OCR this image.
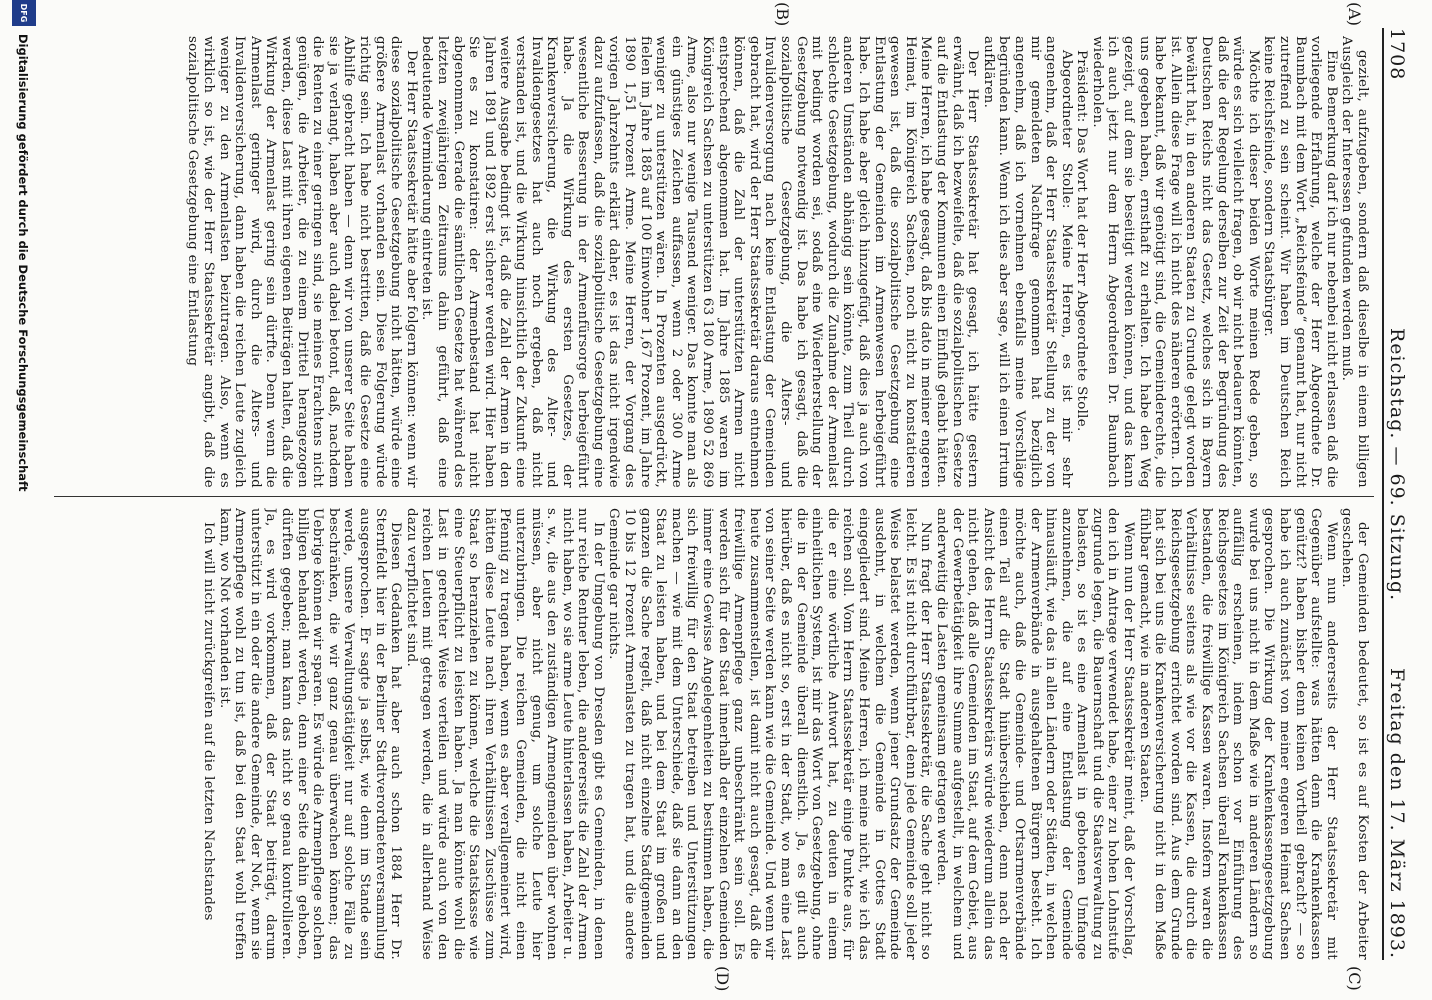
1708
Reichstag. — 69. Sitzung.
Freitag den 17. März 1893.
(A)
(B)
(C)
(D)

gezielt, aufzugeben, sondern daß dieselbe in einem billigen Ausgleich der Interessen gefunden werden muß.

Eine Bemerkung darf ich nur nebenbei nicht erlassen daß die vorliegende Erfahrung, welche der Herr Abgeordnete Dr. Baumbach mit dem Wort „Reichsfeinde“ genannt hat, nur nicht zutreffend zu sein scheint. Wir haben im Deutschen Reich keine Reichsfeinde, sondern Staatsbürger.

Möchte ich dieser beiden Worte meinen Rede geben, so würde es sich vielleicht fragen, ob wir nicht bedauern könnten, daß die der Regelung derselben zur Zeit der Begründung des Deutschen Reichs nicht das Gesetz, welches sich in Bayern bewährt hat, in den anderen Staaten zu Grunde gelegt worden ist. Allein diese Frage will ich nicht des näheren erörtern. Ich habe bekannt, daß wir genötigt sind, die Gemeinderechte, die uns gegeben haben, ernsthaft zu erhalten. Ich habe den Weg gezeigt, auf dem sie beseitigt werden können, und das kann ich auch jetzt nur dem Herrn Abgeordneten Dr. Baumbach wiederholen.

Präsident: Das Wort hat der Herr Abgeordnete Stolle.

Abgeordneter Stolle: Meine Herren, es ist mir sehr angenehm, daß der Herr Staatssekretär Stellung zu der von mir gemeldeten Nachfrage genommen hat bezüglich angenehm, daß ich vornehmen ebenfalls meine Vorschläge begründen kann. Wenn ich dies aber sage, will ich einen Irrtum aufklären.

Der Herr Staatssekretär hat gesagt, ich hätte gestern erwähnt, daß ich bezweifelte, daß die sozialpolitischen Gesetze auf die Entlastung der Kommunen einen Einfluß gehabt hätten. Meine Herren, ich habe gesagt, daß bis dato in meiner engeren Heimat, im Königreich Sachsen, noch nicht zu konstatieren gewesen ist, daß die sozialpolitische Gesetzgebung eine Entlastung der Gemeinden im Armenwesen herbeigeführt habe. Ich habe aber gleich hinzugefügt, daß dies ja auch von anderen Umständen abhängig sein könnte, zum Theil durch schlechte Gesetzgebung, wodurch die Zunahme der Armenlast mit bedingt worden sei, sodaß eine Wiederherstellung der Gesetzgebung notwendig ist. Das habe ich gesagt, daß die sozialpolitische Gesetzgebung, die Alters- und Invalidenversorgung nach keine Entlastung der Gemeinden gebracht hat, wird der Herr Staatssekretär daraus entnehmen können, daß die Zahl der unterstützten Armen nicht entsprechend abgenommen hat. Im Jahre 1885 waren im Königreich Sachsen zu unterstützen 63 180 Arme, 1890 52 869 Arme, also nur wenige Tausend weniger. Das konnte man als ein günstiges Zeichen auffassen, wenn 2 oder 300 Arme weniger zu unterstützen wären. In Prozenten ausgedrückt, fielen im Jahre 1885 auf 100 Einwohner 1,67 Prozent, im Jahre 1890 1,51 Prozent Arme. Meine Herren, der Vorgang des vorigen Jahrzehnts erklärt daher, es ist das nicht irgendwie dazu aufzufassen, daß die sozialpolitische Gesetzgebung eine wesentliche Besserung in der Armenfürsorge herbeigeführt habe. Ja die Wirkung des ersten Gesetzes, der Krankenversicherung, die Wirkung des Alter- und Invalidengesetzes hat auch noch ergeben, daß nicht verstanden ist, und die Wirkung hinsichtlich der Zukunft eine weitere Ausgabe bedingt ist, daß die Zahl der Armen in den Jahren 1891 und 1892 erst sicherer werden wird. Hier haben Sie es zu konstatiren: der Armenbestand hat nicht abgenommen. Gerade die sämtlichen Gesetze hat während des letzten zweijährigen Zeitraums dahin geführt, daß eine bedeutende Verminderung eintreten ist.

Der Herr Staatssekretär hätte aber folgern können: wenn wir diese sozialpolitische Gesetzgebung nicht hätten, würde eine größere Armenlast vorhanden sein. Diese Folgerung würde richtig sein. Ich habe nicht bestritten, daß die Gesetze eine Abhilfe gebracht haben — denn wir von unserer Seite haben sie ja verlangt, haben aber auch dabei betont, daß, nachdem die Renten zu einer geringen sind, sie meines Erachtens nicht genügen, die Arbeiter, die zu einem Drittel herangezogen werden, diese Last mit ihren eigenen Beiträgen halten, daß die Wirkung der Armenlast gering sein dürfte. Denn wenn die Armenlast geringer wird, durch die Alters- und Invalidenversicherung, dann haben die reichen Leute zugleich weniger zu den Armenlasten beizutragen. Also, wenn es wirklich so ist, wie der Herr Staatssekretär angibt, daß die sozialpolitische Gesetzgebung eine Entlastung

der Gemeinden bedeutet, so ist es auf Kosten der Arbeiter geschehen.

Wenn nun andererseits der Herr Staatssekretär mit Gegenüber aufstellte: was hätten denn die Krankenkassen genützt? haben bisher denn keinen Vortheil gebracht? — so habe ich auch zunächst von meiner engeren Heimat Sachsen gesprochen. Die Wirkung der Krankenkassengesetzgebung wurde bei uns nicht in dem Maße wie in anderen Ländern so auffällig erscheinen, indem schon vor Einführung des Reichsgesetzes im Königreich Sachsen überall Krankenkassen bestanden, die freiwillige Kassen waren. Insofern waren die Verhältnisse seitens als wie vor die Kassen, die durch die Reichsgesetzgebung errichtet worden sind. Aus dem Grunde hat sich bei uns die Krankenversicherung nicht in dem Maße fühlbar gemacht, wie in anderen Staaten.

Wenn nun der Herr Staatssekretär meint, daß der Vorschlag, den ich in Antrage verwendet habe, einer zu hohen Lohnstufe zugrunde legen, die Bauernschaft und die Staatsverwaltung zu belasten, so ist es eine Armenlast in gebotenen Umfange anzunehmen, die auf eine Entlastung der Gemeinde hinausläuft, wie das in allen Ländern oder Städten, in welchen der Armenverbände in ausgehaltenen Bürgern besteht. Ich möchte auch, daß die Gemeinde- und Ortsarmenverbände einen Teil auf die Stadt hinüberschieben, denn nach der Ansicht des Herrn Staatssekretärs würde wiederum allein das nicht gehen, daß alle Gemeinden im Staat, auf dem Gebiet, aus der Gewerbetätigkeit ihre Summe aufgestellt, in welchem und anderweitig die Lasten gemeinsam getragen werden.

Nun fragt der Herr Staatssekretär, die Sache geht nicht so leicht. Es ist nicht durchführbar, denn jede Gemeinde soll jeder Weise belastet werden, wenn jener Grundsatz der Gemeinde ausdehnt, in welchem die Gemeinde in Gottes Stadt eingegliedert sind. Meine Herren, ich meine nicht, wie ich das reichen soll. Vom Herrn Staatssekretär einige Punkte aus, für die er eine wörtliche Antwort hat, zu deuten in einem einheitlichen System, ist mir das Wort von Gesetzgebung, ohne die in der Gemeinde überall dienstlich. Ja, es gilt auch hierüber, daß es nicht so, erst in der Stadt, wo man eine Last von seiner Seite werden kann wie die Gemeinde. Und wenn wir heute zusammenstellen, ist damit nicht auch gesagt, daß die freiwillige Armenpflege ganz unbeschränkt sein soll. Es werden sich für den Staat innerhalb der einzelnen Gemeinden immer eine Gewisse Angelegenheiten zu bestimmen haben, die sich freiwillig für den Staat betreiben und Unterstützungen machen — wie mit dem Unterschiede, daß sie dann an den Staat zu leisten haben, und bei dem Staat im großen und ganzen die Sache regelt, daß nicht einzelne Stadtgemeinden 10 bis 12 Prozent Armenlasten zu tragen hat, und die andere Gemeinde gar nichts.

In der Umgebung von Dresden gibt es Gemeinden, in denen nur reiche Rentner leben, die andererseits die Zahl der Armen nicht haben, wo sie arme Leute hinterlassen haben, Arbeiter u. s. w., die aus den zuständigen Armengemeinden über wohnen müssen, aber nicht genug, um solche Leute hier unterzubringen. Die reichen Gemeinden, die nicht einen Pfennig zu tragen haben, wenn es aber verallgemeinert wird, hätten diese Leute nach ihren Verhältnissen Zuschüsse zum Staat so heranziehen zu können, welche die Staatskasse wie eine Steuerpflicht zu leisten haben. Ja man könnte wohl die Last in gerechter Weise verteilen und würde auch von den reichen Leuten mit getragen werden, die in allerhand Weise dazu verpflichtet sind.

Diesen Gedanken hat aber auch schon 1884 Herr Dr. Sternfeldt hier in der Berliner Stadtverordnetenversammlung ausgesprochen. Er sagte ja selbst, wie denn im Stande sein werde, unsere Verwaltungstätigkeit nur auf solche Fälle zu beschränken, die wir ganz genau überwachen können; das Uebrige können wir sparen. Es würde die Armenpflege solchen billigen behandelt werden, denn einer Seite dahin gehoben, dürften gegeben; man kann das nicht so genau kontrollieren. Ja, es wird vorkommen, daß der Staat beiträgt, darum unterstützt in ein oder die andere Gemeinde, der Not, wenn sie Armenpflege wohl zu tun ist, daß bei den Staat wohl treffen kann, wo Not vorhanden ist.

Ich will nicht zurückgreifen auf die letzten Nachstandes

DFG
Digitalisierung gefördert durch die Deutsche Forschungsgemeinschaft
